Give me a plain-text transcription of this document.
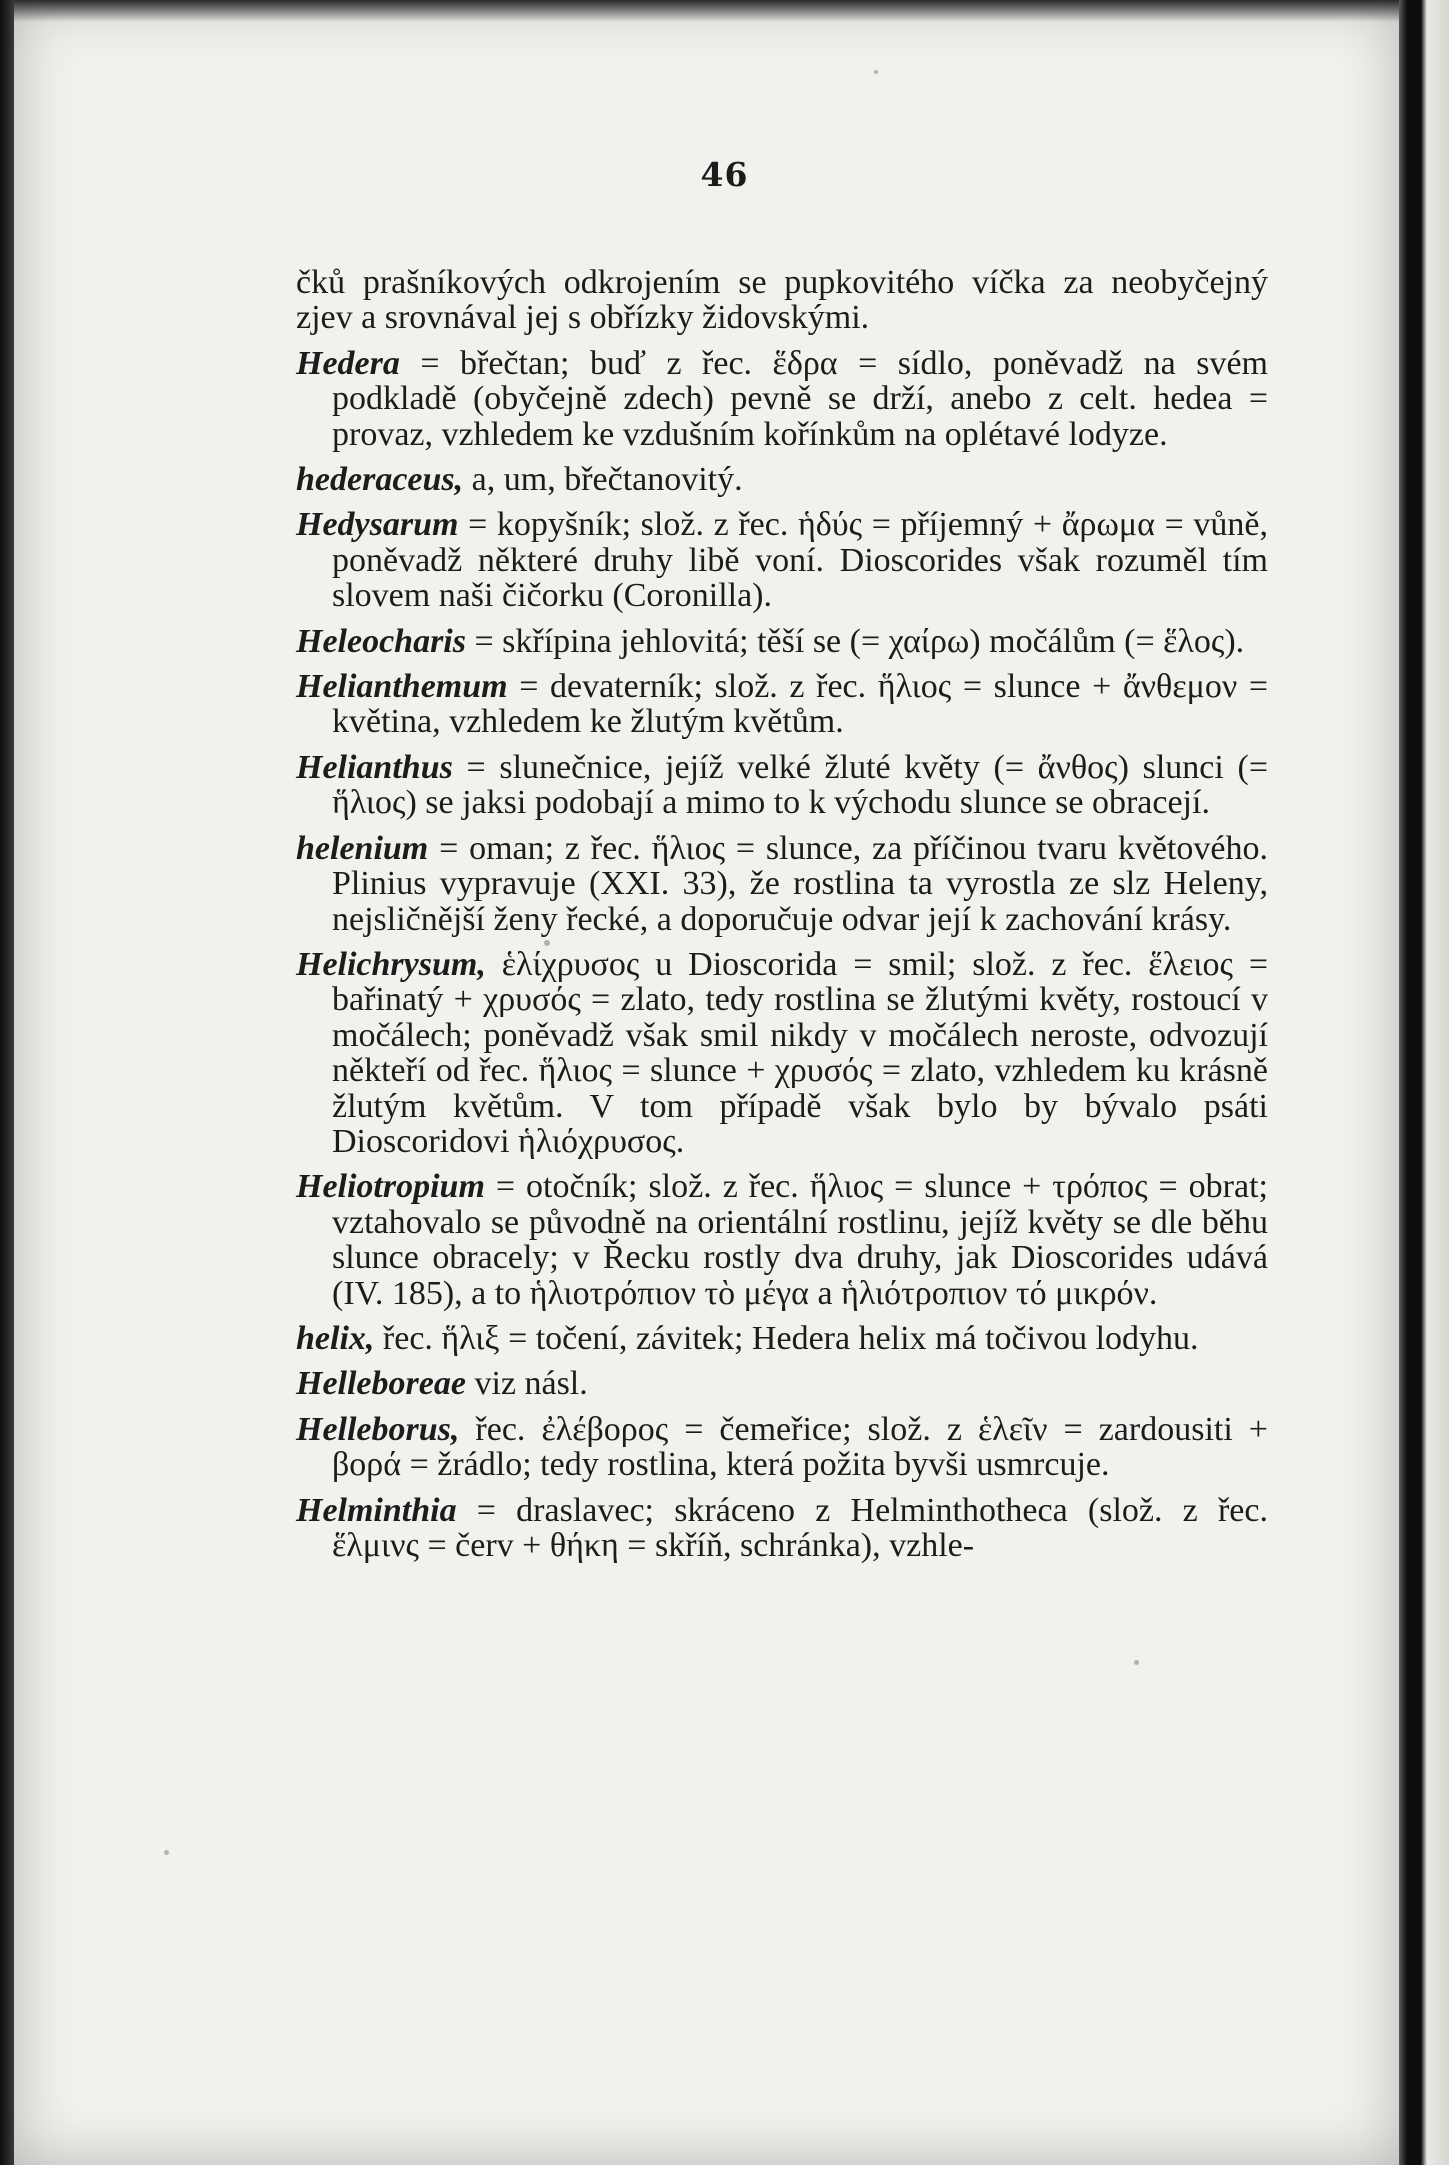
46

čků prašníkových odkrojením se pupkovitého víčka za neobyčejný zjev a srovnával jej s obřízky židovskými.

Hedera = břečtan; buď z řec. ἕδρα = sídlo, poněvadž na svém podkladě (obyčejně zdech) pevně se drží, anebo z celt. hedea = provaz, vzhledem ke vzdušním kořínkům na oplétavé lodyze.

hederaceus, a, um, břečtanovitý.

Hedysarum = kopyšník; slož. z řec. ἡδύς = příjemný + ἄρωμα = vůně, poněvadž některé druhy libě voní. Dioscorides však rozuměl tím slovem naši čičorku (Coronilla).

Heleocharis = skřípina jehlovitá; těší se (= χαίρω) močálům (= ἕλος).

Helianthemum = devaterník; slož. z řec. ἥλιος = slunce + ἄνθεμον = květina, vzhledem ke žlutým květům.

Helianthus = slunečnice, jejíž velké žluté květy (= ἄνθος) slunci (= ἥλιος) se jaksi podobají a mimo to k východu slunce se obracejí.

helenium = oman; z řec. ἥλιος = slunce, za příčinou tvaru květového. Plinius vypravuje (XXI. 33), že rostlina ta vyrostla ze slz Heleny, nejsličnější ženy řecké, a doporučuje odvar její k zachování krásy.

Helichrysum, ἑλίχρυσος u Dioscorida = smil; slož. z řec. ἕλειος = bařinatý + χρυσός = zlato, tedy rostlina se žlutými květy, rostoucí v močálech; poněvadž však smil nikdy v močálech neroste, odvozují někteří od řec. ἥλιος = slunce + χρυσός = zlato, vzhledem ku krásně žlutým květům. V tom případě však bylo by bývalo psáti Dioscoridovi ἡλιόχρυσος.

Heliotropium = otočník; slož. z řec. ἥλιος = slunce + τρόπος = obrat; vztahovalo se původně na orientální rostlinu, jejíž květy se dle běhu slunce obracely; v Řecku rostly dva druhy, jak Dioscorides udává (IV. 185), a to ἡλιοτρόπιον τὸ μέγα a ἡλιότροπιον τό μικρόν.

helix, řec. ἥλιξ = točení, závitek; Hedera helix má točivou lodyhu.

Helleboreae viz násl.

Helleborus, řec. ἐλέβορος = čemeřice; slož. z ἑλεῖν = zardousiti + βορά = žrádlo; tedy rostlina, která požita byvši usmrcuje.

Helminthia = draslavec; skráceno z Helminthotheca (slož. z řec. ἕλμινς = červ + θήκη = skříň, schránka), vzhle-
